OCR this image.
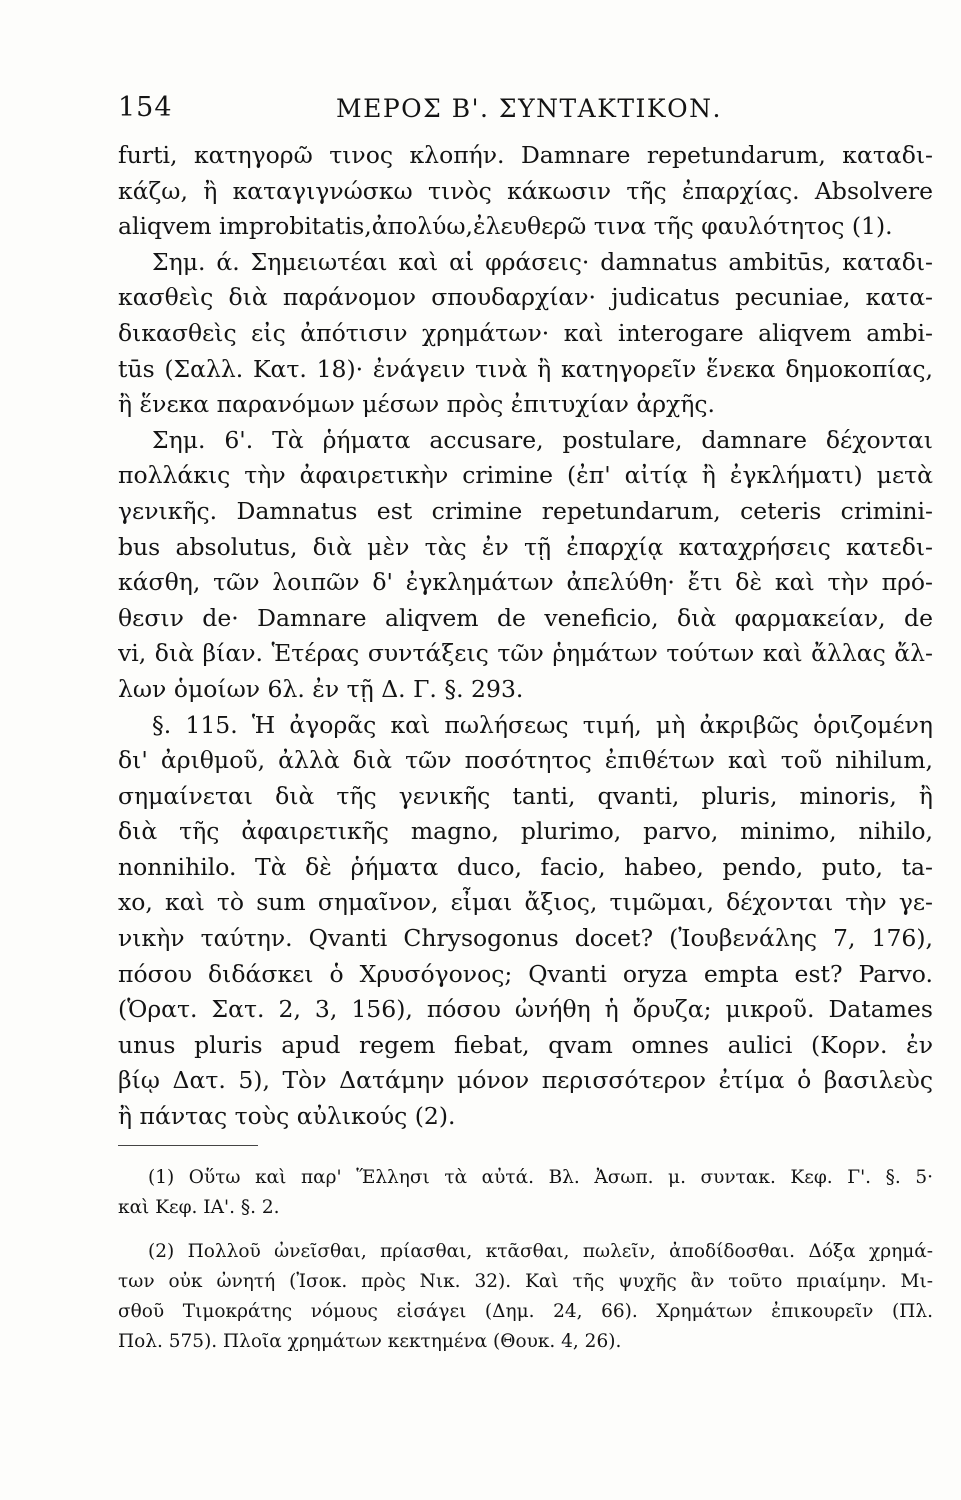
154	ΜΕΡΟΣ Β'. ΣΥΝΤΑΚΤΙΚΟΝ.
furti, κατηγορῶ τινος κλοπήν. Damnare repetundarum, καταδι-
κάζω, ἢ καταγιγνώσκω τινὸς κάκωσιν τῆς ἐπαρχίας. Absolvere
aliqvem improbitatis,ἀπολύω,ἐλευθερῶ τινα τῆς φαυλότητος (1).
Σημ. ά. Σημειωτέαι καὶ αἱ φράσεις· damnatus ambitūs, καταδι-
κασθεὶς διὰ παράνομον σπουδαρχίαν· judicatus pecuniae, κατα-
δικασθεὶς εἰς ἀπότισιν χρημάτων· καὶ interogare aliqvem ambi-
tūs (Σαλλ. Κατ. 18)· ἐνάγειν τινὰ ἢ κατηγορεῖν ἕνεκα δημοκοπίας,
ἢ ἕνεκα παρανόμων μέσων πρὸς ἐπιτυχίαν ἀρχῆς.
Σημ. 6'. Τὰ ῥήματα accusare, postulare, damnare δέχονται
πολλάκις τὴν ἀφαιρετικὴν crimine (ἐπ' αἰτίᾳ ἢ ἐγκλήματι) μετὰ
γενικῆς. Damnatus est crimine repetundarum, ceteris crimini-
bus absolutus, διὰ μὲν τὰς ἐν τῇ ἐπαρχίᾳ καταχρήσεις κατεδι-
κάσθη, τῶν λοιπῶν δ' ἐγκλημάτων ἀπελύθη· ἔτι δὲ καὶ τὴν πρό-
θεσιν de· Damnare aliqvem de veneficio, διὰ φαρμακείαν, de
vi, διὰ βίαν. Ἑτέρας συντάξεις τῶν ῥημάτων τούτων καὶ ἄλλας ἄλ-
λων ὁμοίων 6λ. ἐν τῇ Δ. Γ. §. 293.
§. 115. Ἡ ἀγορᾶς καὶ πωλήσεως τιμή, μὴ ἀκριβῶς ὁριζομένη
δι' ἀριθμοῦ, ἀλλὰ διὰ τῶν ποσότητος ἐπιθέτων καὶ τοῦ nihilum,
σημαίνεται διὰ τῆς γενικῆς tanti, qvanti, pluris, minoris, ἢ
διὰ τῆς ἀφαιρετικῆς magno, plurimo, parvo, minimo, nihilo,
nonnihilo. Τὰ δὲ ῥήματα duco, facio, habeo, pendo, puto, ta-
xo, καὶ τὸ sum σημαῖνον, εἶμαι ἄξιος, τιμῶμαι, δέχονται τὴν γε-
νικὴν ταύτην. Qvanti Chrysogonus docet? (Ἰουβενάλης 7, 176),
πόσου διδάσκει ὁ Χρυσόγονος; Qvanti oryza empta est? Parvo.
(Ὁρατ. Σατ. 2, 3, 156), πόσου ὠνήθη ἡ ὄρυζα; μικροῦ. Datames
unus pluris apud regem fiebat, qvam omnes aulici (Κορν. ἐν
βίῳ Δατ. 5), Τὸν Δατάμην μόνον περισσότερον ἐτίμα ὁ βασιλεὺς
ἢ πάντας τοὺς αὐλικούς (2).
(1) Οὕτω καὶ παρ' Ἕλλησι τὰ αὐτά. Βλ. Ἀσωπ. μ. συντακ. Κεφ. Γ'. §. 5·
καὶ Κεφ. ΙΑ'. §. 2.
(2) Πολλοῦ ὠνεῖσθαι, πρίασθαι, κτᾶσθαι, πωλεῖν, ἀποδίδοσθαι. Δόξα χρημά-
των οὐκ ὠνητή (Ἰσοκ. πρὸς Νικ. 32). Καὶ τῆς ψυχῆς ἂν τοῦτο πριαίμην. Μι-
σθοῦ Τιμοκράτης νόμους εἰσάγει (Δημ. 24, 66). Χρημάτων ἐπικουρεῖν (Πλ.
Πολ. 575). Πλοῖα χρημάτων κεκτημένα (Θουκ. 4, 26).
